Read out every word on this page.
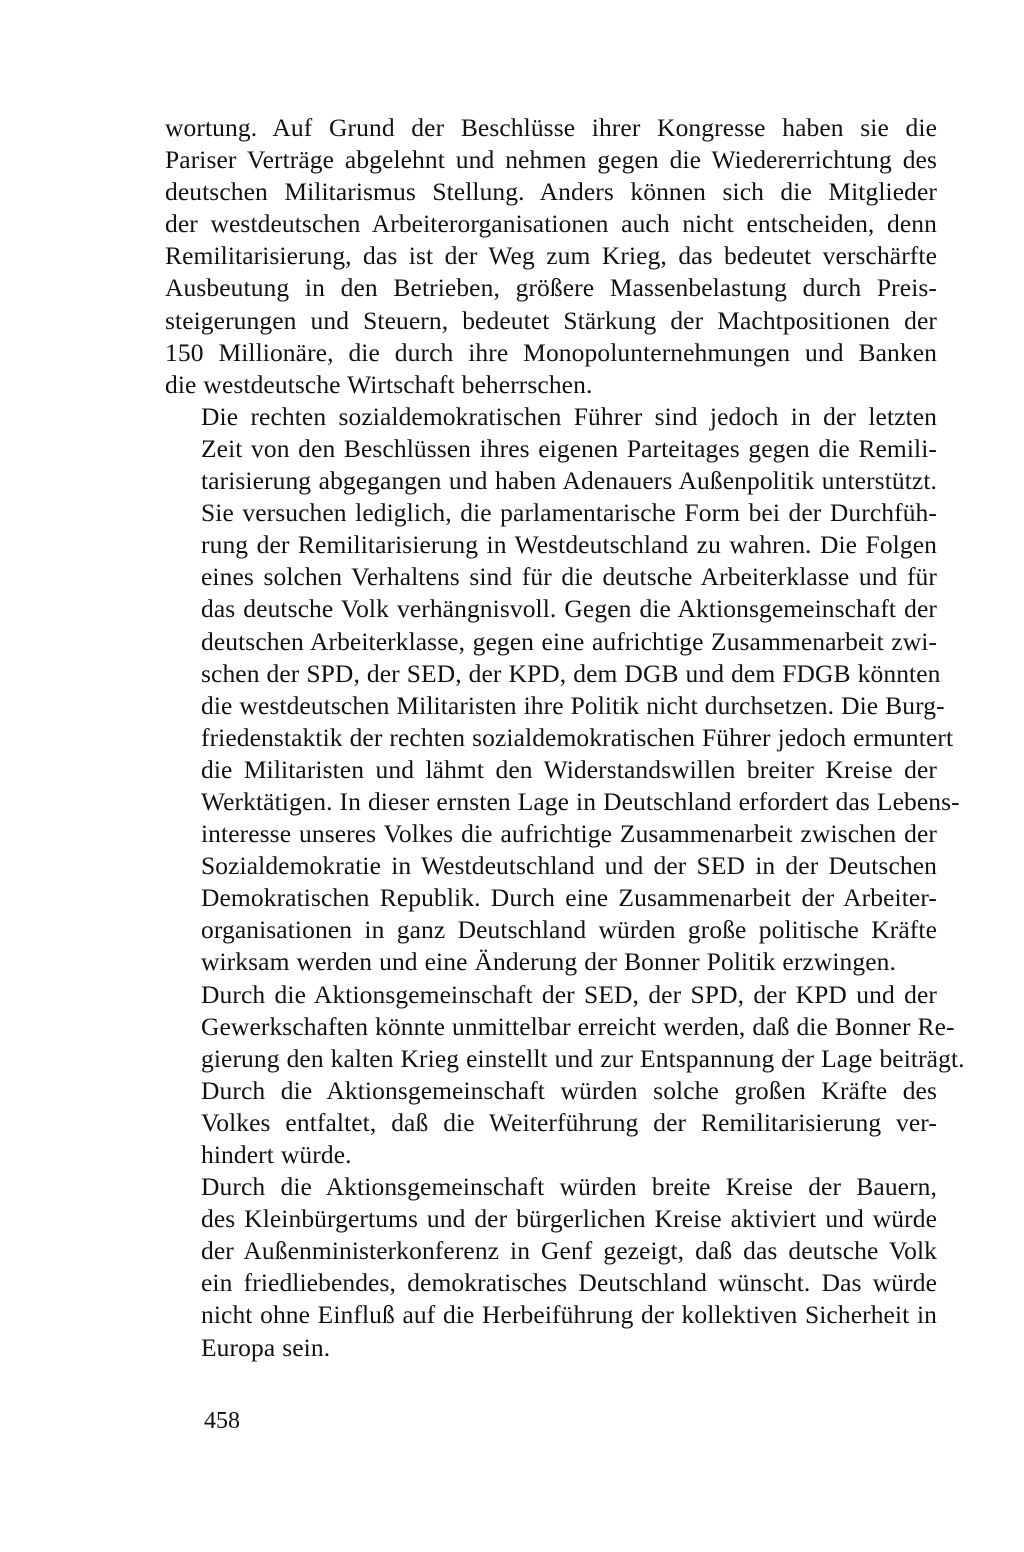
wortung. Auf Grund der Beschlüsse ihrer Kongresse haben sie die
Pariser Verträge abgelehnt und nehmen gegen die Wiedererrichtung des
deutschen Militarismus Stellung. Anders können sich die Mitglieder
der westdeutschen Arbeiterorganisationen auch nicht entscheiden, denn
Remilitarisierung, das ist der Weg zum Krieg, das bedeutet verschärfte
Ausbeutung in den Betrieben, größere Massenbelastung durch Preis-
steigerungen und Steuern, bedeutet Stärkung der Machtpositionen der
150 Millionäre, die durch ihre Monopolunternehmungen und Banken
die westdeutsche Wirtschaft beherrschen.

Die rechten sozialdemokratischen Führer sind jedoch in der letzten
Zeit von den Beschlüssen ihres eigenen Parteitages gegen die Remili-
tarisierung abgegangen und haben Adenauers Außenpolitik unterstützt.
Sie versuchen lediglich, die parlamentarische Form bei der Durchfüh-
rung der Remilitarisierung in Westdeutschland zu wahren. Die Folgen
eines solchen Verhaltens sind für die deutsche Arbeiterklasse und für
das deutsche Volk verhängnisvoll. Gegen die Aktionsgemeinschaft der
deutschen Arbeiterklasse, gegen eine aufrichtige Zusammenarbeit zwi-
schen der SPD, der SED, der KPD, dem DGB und dem FDGB könnten
die westdeutschen Militaristen ihre Politik nicht durchsetzen. Die Burg-
friedenstaktik der rechten sozialdemokratischen Führer jedoch ermuntert
die Militaristen und lähmt den Widerstandswillen breiter Kreise der
Werktätigen. In dieser ernsten Lage in Deutschland erfordert das Lebens-
interesse unseres Volkes die aufrichtige Zusammenarbeit zwischen der
Sozialdemokratie in Westdeutschland und der SED in der Deutschen
Demokratischen Republik. Durch eine Zusammenarbeit der Arbeiter-
organisationen in ganz Deutschland würden große politische Kräfte
wirksam werden und eine Änderung der Bonner Politik erzwingen.

Durch die Aktionsgemeinschaft der SED, der SPD, der KPD und der
Gewerkschaften könnte unmittelbar erreicht werden, daß die Bonner Re-
gierung den kalten Krieg einstellt und zur Entspannung der Lage beiträgt.

Durch die Aktionsgemeinschaft würden solche großen Kräfte des
Volkes entfaltet, daß die Weiterführung der Remilitarisierung ver-
hindert würde.

Durch die Aktionsgemeinschaft würden breite Kreise der Bauern,
des Kleinbürgertums und der bürgerlichen Kreise aktiviert und würde
der Außenministerkonferenz in Genf gezeigt, daß das deutsche Volk
ein friedliebendes, demokratisches Deutschland wünscht. Das würde
nicht ohne Einfluß auf die Herbeiführung der kollektiven Sicherheit in
Europa sein.

458
